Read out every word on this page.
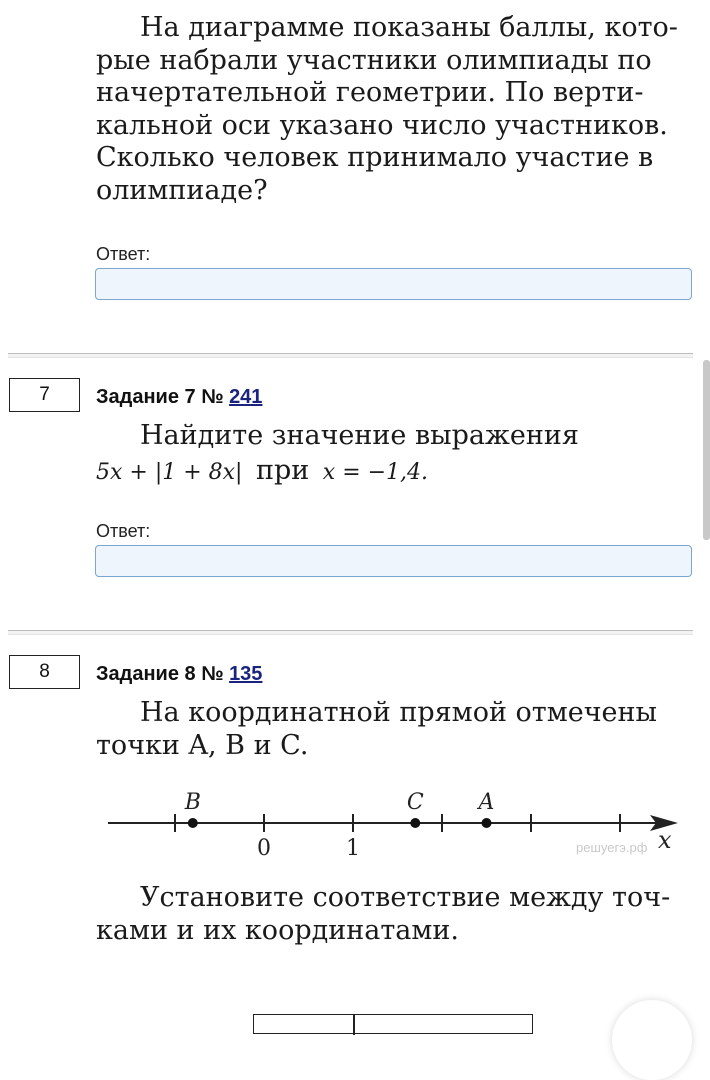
На диаграмме показаны баллы, которые набрали участники олимпиады по начертательной геометрии. По вертикальной оси указано число участников. Сколько человек принимало участие в олимпиаде?

Ответ:
7 Задание 7 № 241

Найдите значение выражения

5x + |1 + 8x| при x = −1,4.
Ответ:
8 Задание 8 № 135

На координатной прямой отмечены точки A, B и C.

B	C A
0	1	x
решуегэ.рф

Установите соответствие между точками и их координатами.
